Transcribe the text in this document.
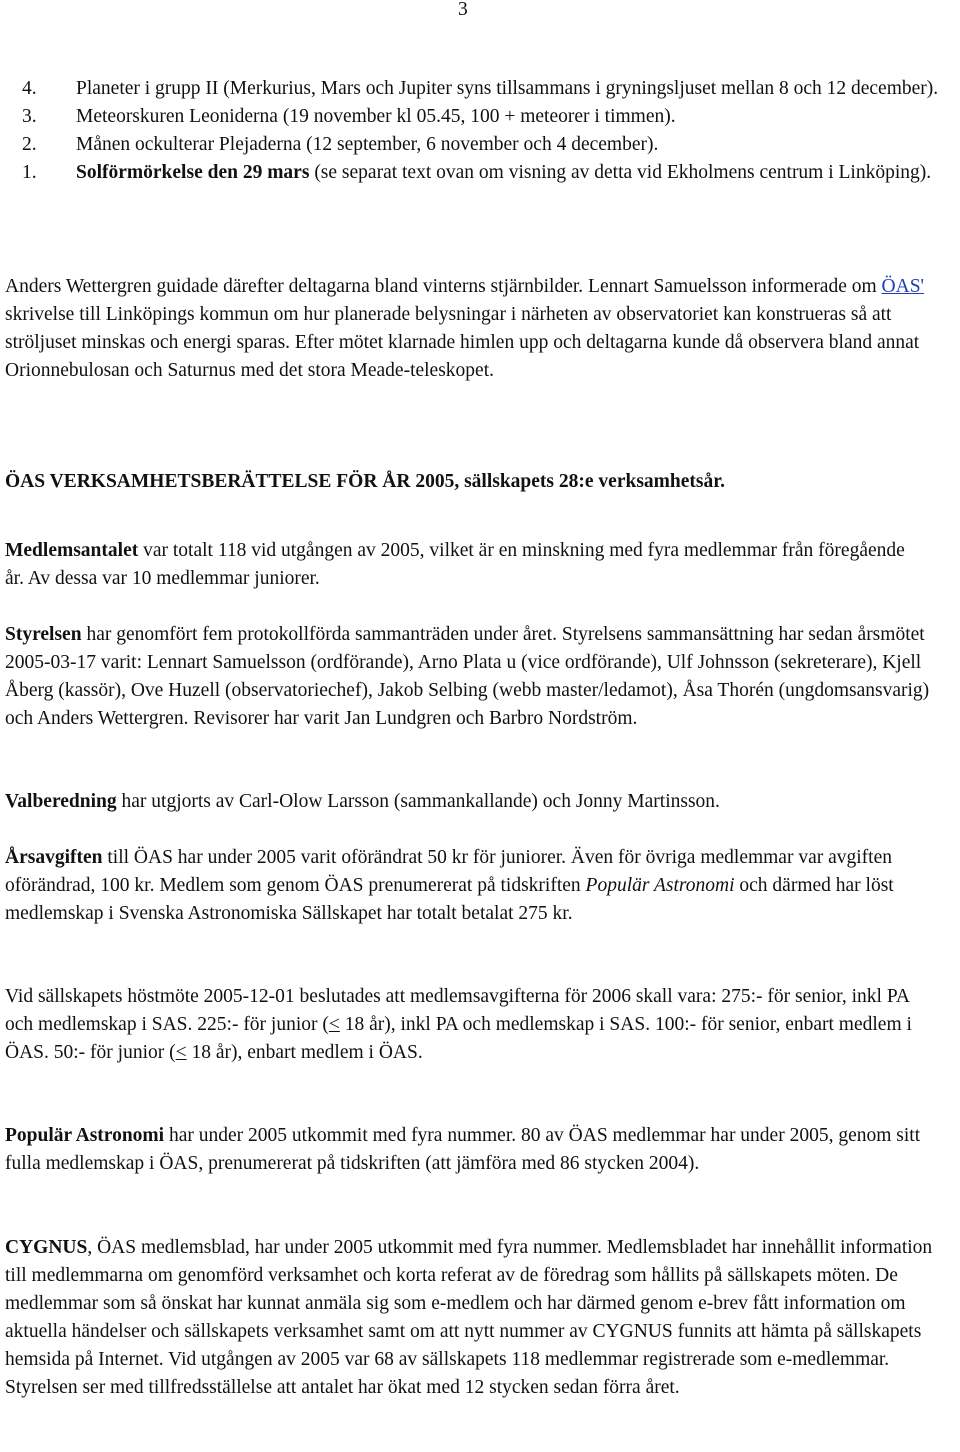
3
4.	Planeter i grupp II (Merkurius, Mars och Jupiter syns tillsammans i gryningsljuset mellan 8 och 12 december).
3.	Meteorskuren Leoniderna (19 november kl 05.45, 100 + meteorer i timmen).
2.	Månen ockulterar Plejaderna (12 september, 6 november och 4 december).
1.	Solförmörkelse den 29 mars (se separat text ovan om visning av detta vid Ekholmens centrum i Linköping).

Anders Wettergren guidade därefter deltagarna bland vinterns stjärnbilder. Lennart Samuelsson informerade om ÖAS' skrivelse till Linköpings kommun om hur planerade belysningar i närheten av observatoriet kan konstrueras så att ströljuset minskas och energi sparas. Efter mötet klarnade himlen upp och deltagarna kunde då observera bland annat Orionnebulosan och Saturnus med det stora Meade-teleskopet.

ÖAS VERKSAMHETSBERÄTTELSE FÖR ÅR 2005, sällskapets 28:e verksamhetsår.

Medlemsantalet var totalt 118 vid utgången av 2005, vilket är en minskning med fyra medlemmar från föregående år. Av dessa var 10 medlemmar juniorer.

Styrelsen har genomfört fem protokollförda sammanträden under året. Styrelsens sammansättning har sedan årsmötet 2005-03-17 varit: Lennart Samuelsson (ordförande), Arno Plata u (vice ordförande), Ulf Johnsson (sekreterare), Kjell Åberg (kassör), Ove Huzell (observatoriechef), Jakob Selbing (webb master/ledamot), Åsa Thorén (ungdomsansvarig) och Anders Wettergren. Revisorer har varit Jan Lundgren och Barbro Nordström.

Valberedning har utgjorts av Carl-Olow Larsson (sammankallande) och Jonny Martinsson.

Årsavgiften till ÖAS har under 2005 varit oförändrat 50 kr för juniorer. Även för övriga medlemmar var avgiften oförändrad, 100 kr. Medlem som genom ÖAS prenumererat på tidskriften Populär Astronomi och därmed har löst medlemskap i Svenska Astronomiska Sällskapet har totalt betalat 275 kr.

Vid sällskapets höstmöte 2005-12-01 beslutades att medlemsavgifterna för 2006 skall vara: 275:- för senior, inkl PA och medlemskap i SAS. 225:- för junior (< 18 år), inkl PA och medlemskap i SAS. 100:- för senior, enbart medlem i ÖAS. 50:- för junior (< 18 år), enbart medlem i ÖAS.

Populär Astronomi har under 2005 utkommit med fyra nummer. 80 av ÖAS medlemmar har under 2005, genom sitt fulla medlemskap i ÖAS, prenumererat på tidskriften (att jämföra med 86 stycken 2004).

CYGNUS, ÖAS medlemsblad, har under 2005 utkommit med fyra nummer. Medlemsbladet har innehållit information till medlemmarna om genomförd verksamhet och korta referat av de föredrag som hållits på sällskapets möten. De medlemmar som så önskat har kunnat anmäla sig som e-medlem och har därmed genom e-brev fått information om aktuella händelser och sällskapets verksamhet samt om att nytt nummer av CYGNUS funnits att hämta på sällskapets hemsida på Internet. Vid utgången av 2005 var 68 av sällskapets 118 medlemmar registrerade som e-medlemmar. Styrelsen ser med tillfredsställelse att antalet har ökat med 12 stycken sedan förra året.
